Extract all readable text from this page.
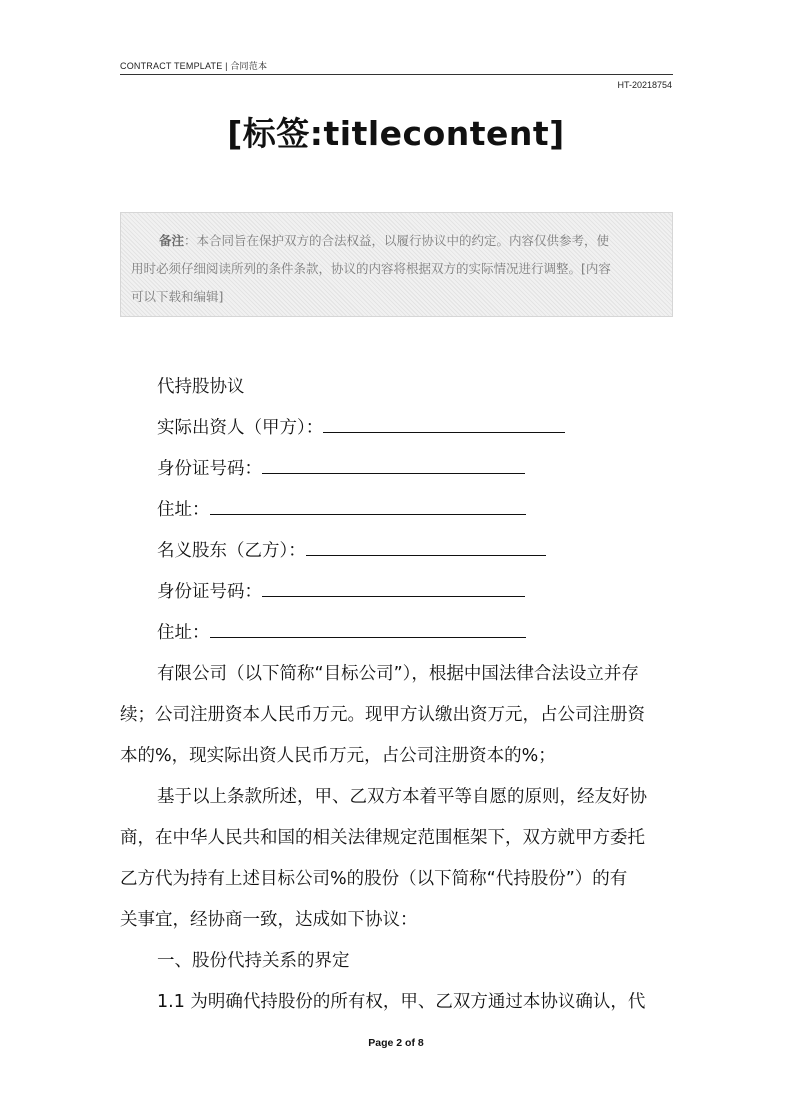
CONTRACT TEMPLATE | 合同范本
HT-20218754
[标签:titlecontent]
备注：本合同旨在保护双方的合法权益，以履行协议中的约定。内容仅供参考，使
用时必须仔细阅读所列的条件条款，协议的内容将根据双方的实际情况进行调整。[内容
可以下载和编辑]

代持股协议

实际出资人（甲方）：

身份证号码：

住址：

名义股东（乙方）：

身份证号码：

住址：

有限公司（以下简称“目标公司”），根据中国法律合法设立并存
续；公司注册资本人民币万元。现甲方认缴出资万元，占公司注册资
本的%，现实际出资人民币万元，占公司注册资本的%；
基于以上条款所述，甲、乙双方本着平等自愿的原则，经友好协
商，在中华人民共和国的相关法律规定范围框架下，双方就甲方委托
乙方代为持有上述目标公司%的股份（以下简称“代持股份”）的有
关事宜，经协商一致，达成如下协议：
一、股份代持关系的界定
1.1 为明确代持股份的所有权，甲、乙双方通过本协议确认，代
Page 2 of 8
